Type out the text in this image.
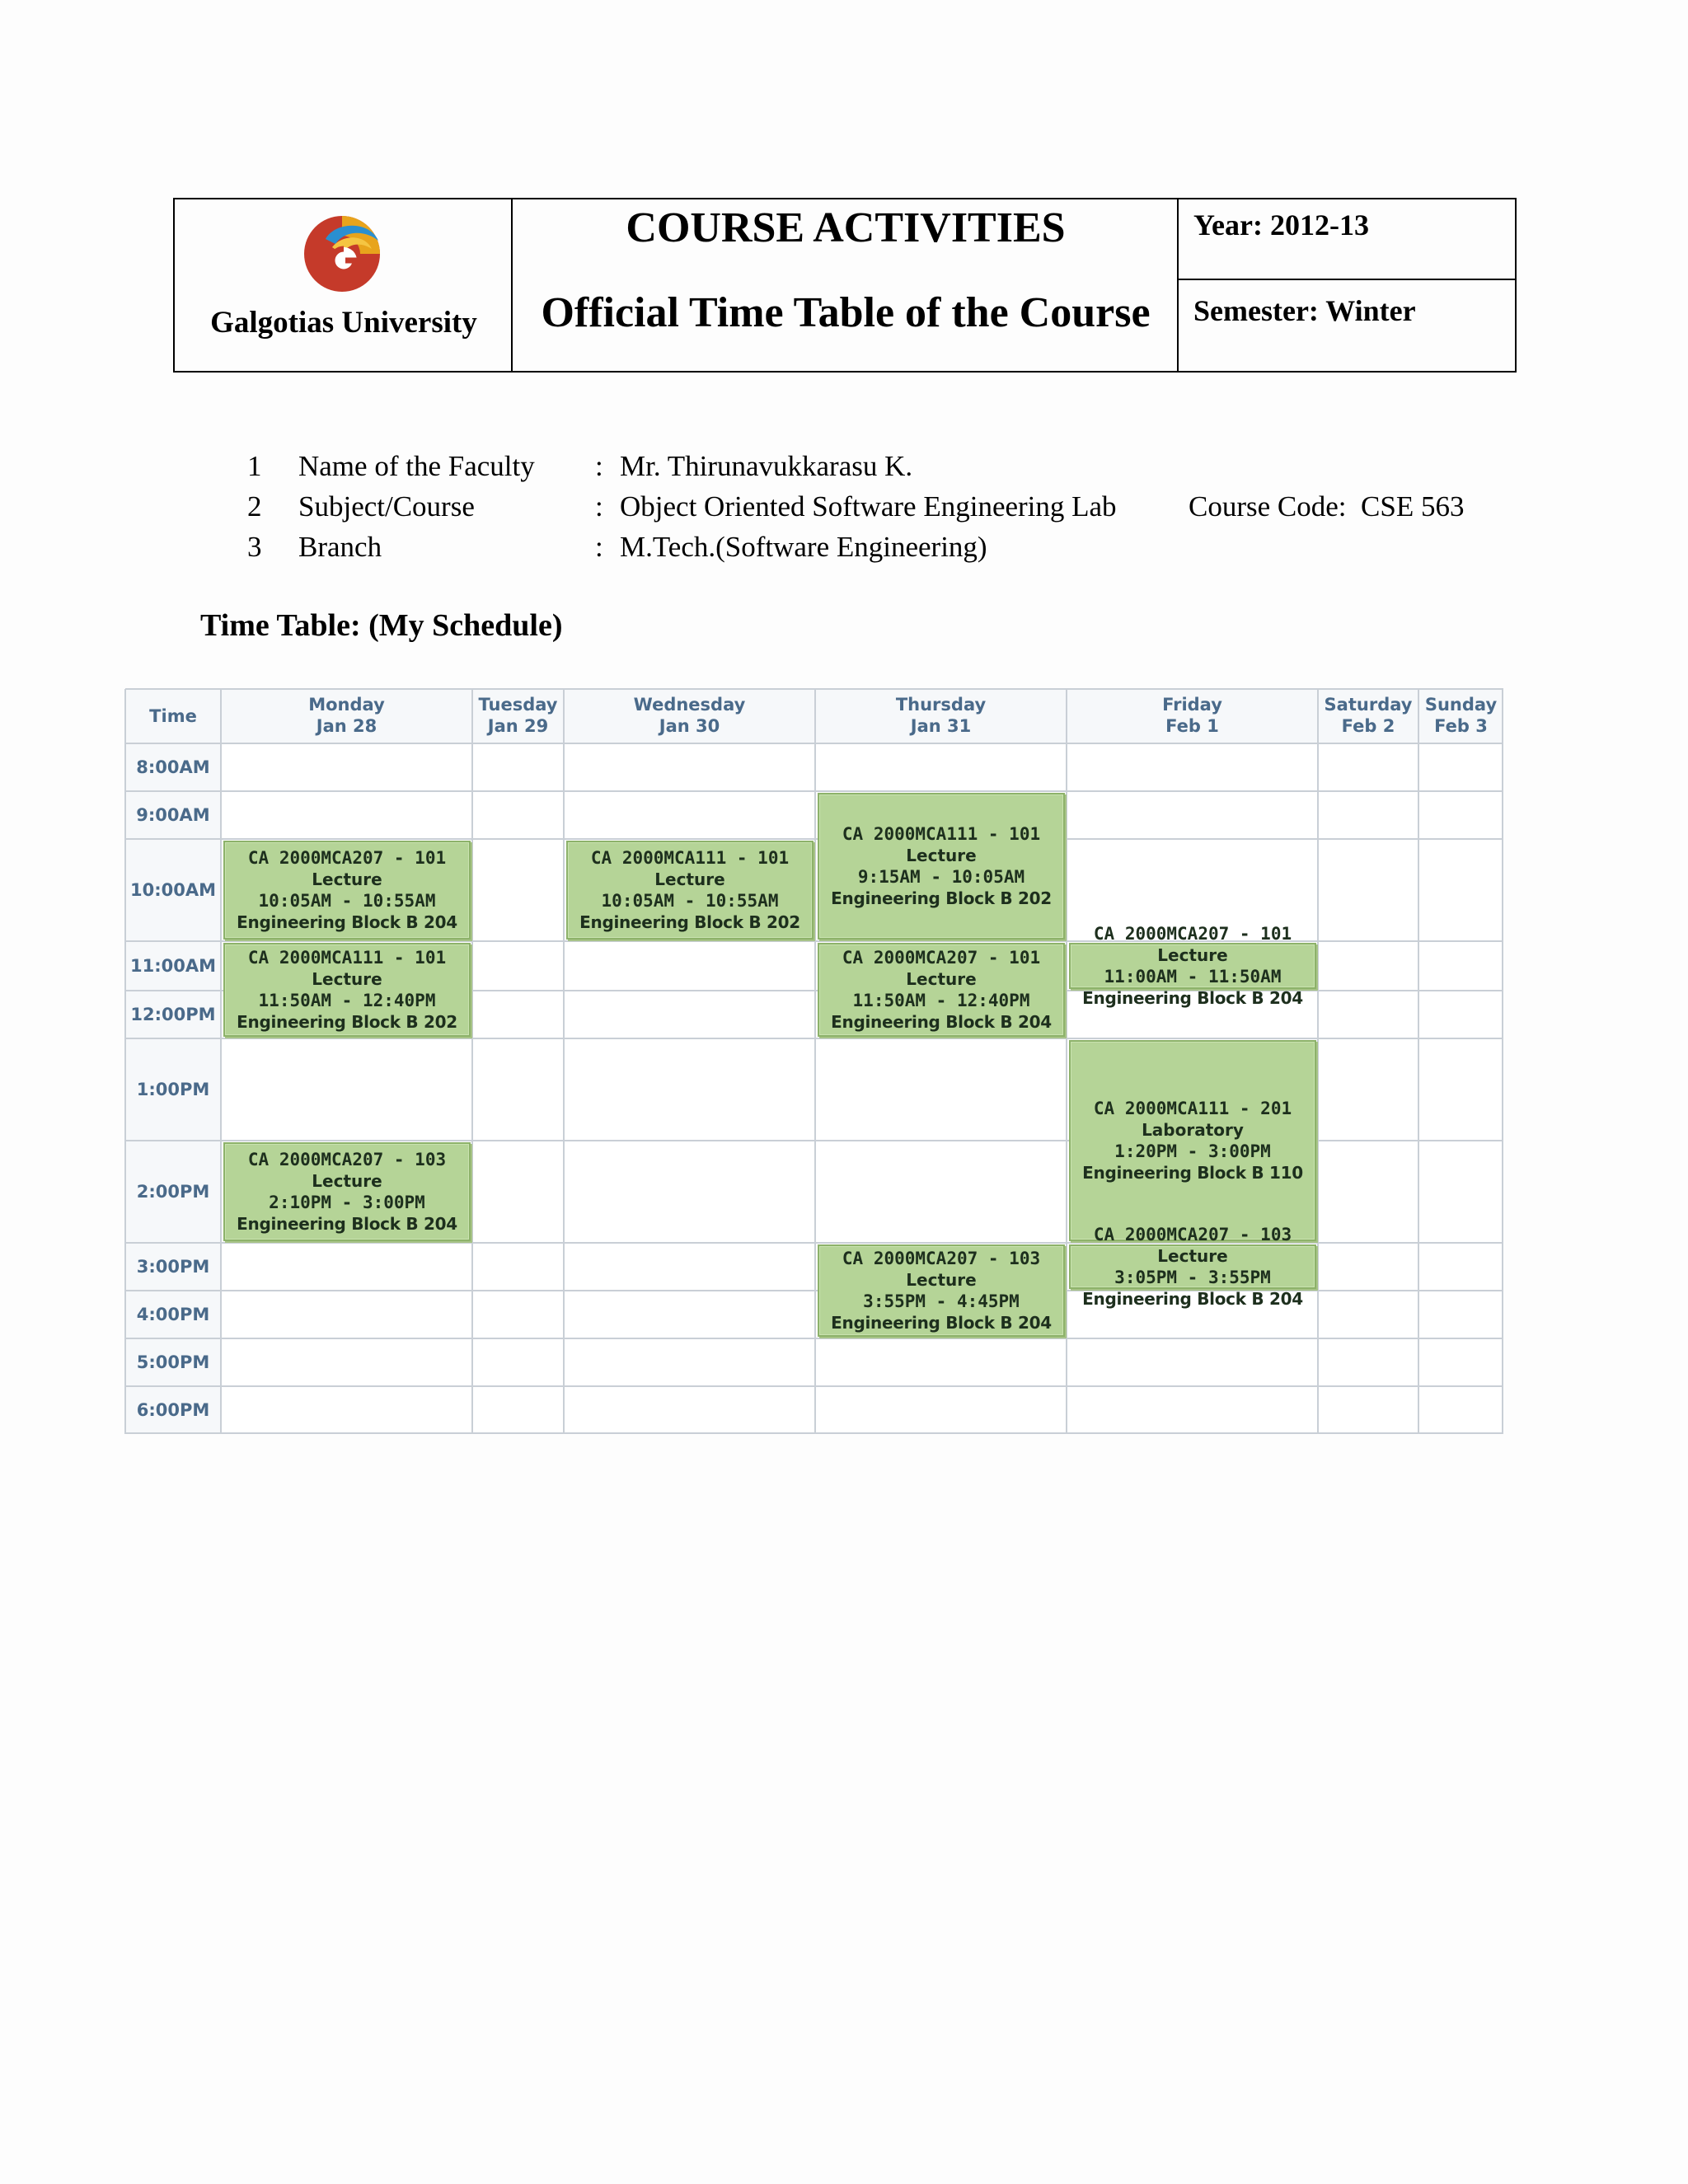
Galgotias University
COURSE ACTIVITIES
Official Time Table of the Course
Year: 2012-13
Semester: Winter
1 Name of the Faculty : Mr. Thirunavukkarasu K.
2 Subject/Course	: Object Oriented Software Engineering Lab Course Code:  CSE 563
3 Branch	: M.Tech.(Software Engineering)
Time Table: (My Schedule)
Time
Monday
Jan 28
Tuesday
Jan 29
Wednesday
Jan 30
Thursday
Jan 31
Friday
Feb 1
Saturday
Feb 2
Sunday
Feb 3
8:00AM
9:00AM
10:00AM
11:00AM
12:00PM
1:00PM
2:00PM
3:00PM
4:00PM
5:00PM
6:00PM
CA 2000MCA207 - 101
Lecture
10:05AM - 10:55AM
Engineering Block B 204
CA 2000MCA111 - 101
Lecture
11:50AM - 12:40PM
Engineering Block B 202
CA 2000MCA207 - 103
Lecture
2:10PM - 3:00PM
Engineering Block B 204
CA 2000MCA111 - 101
Lecture
10:05AM - 10:55AM
Engineering Block B 202
CA 2000MCA111 - 101
Lecture
9:15AM - 10:05AM
Engineering Block B 202
CA 2000MCA207 - 101
Lecture
11:50AM - 12:40PM
Engineering Block B 204
CA 2000MCA207 - 103
Lecture
3:55PM - 4:45PM
Engineering Block B 204
CA 2000MCA207 - 101
Lecture
11:00AM - 11:50AM
Engineering Block B 204
CA 2000MCA111 - 201
Laboratory
1:20PM - 3:00PM
Engineering Block B 110
CA 2000MCA207 - 103
Lecture
3:05PM - 3:55PM
Engineering Block B 204
